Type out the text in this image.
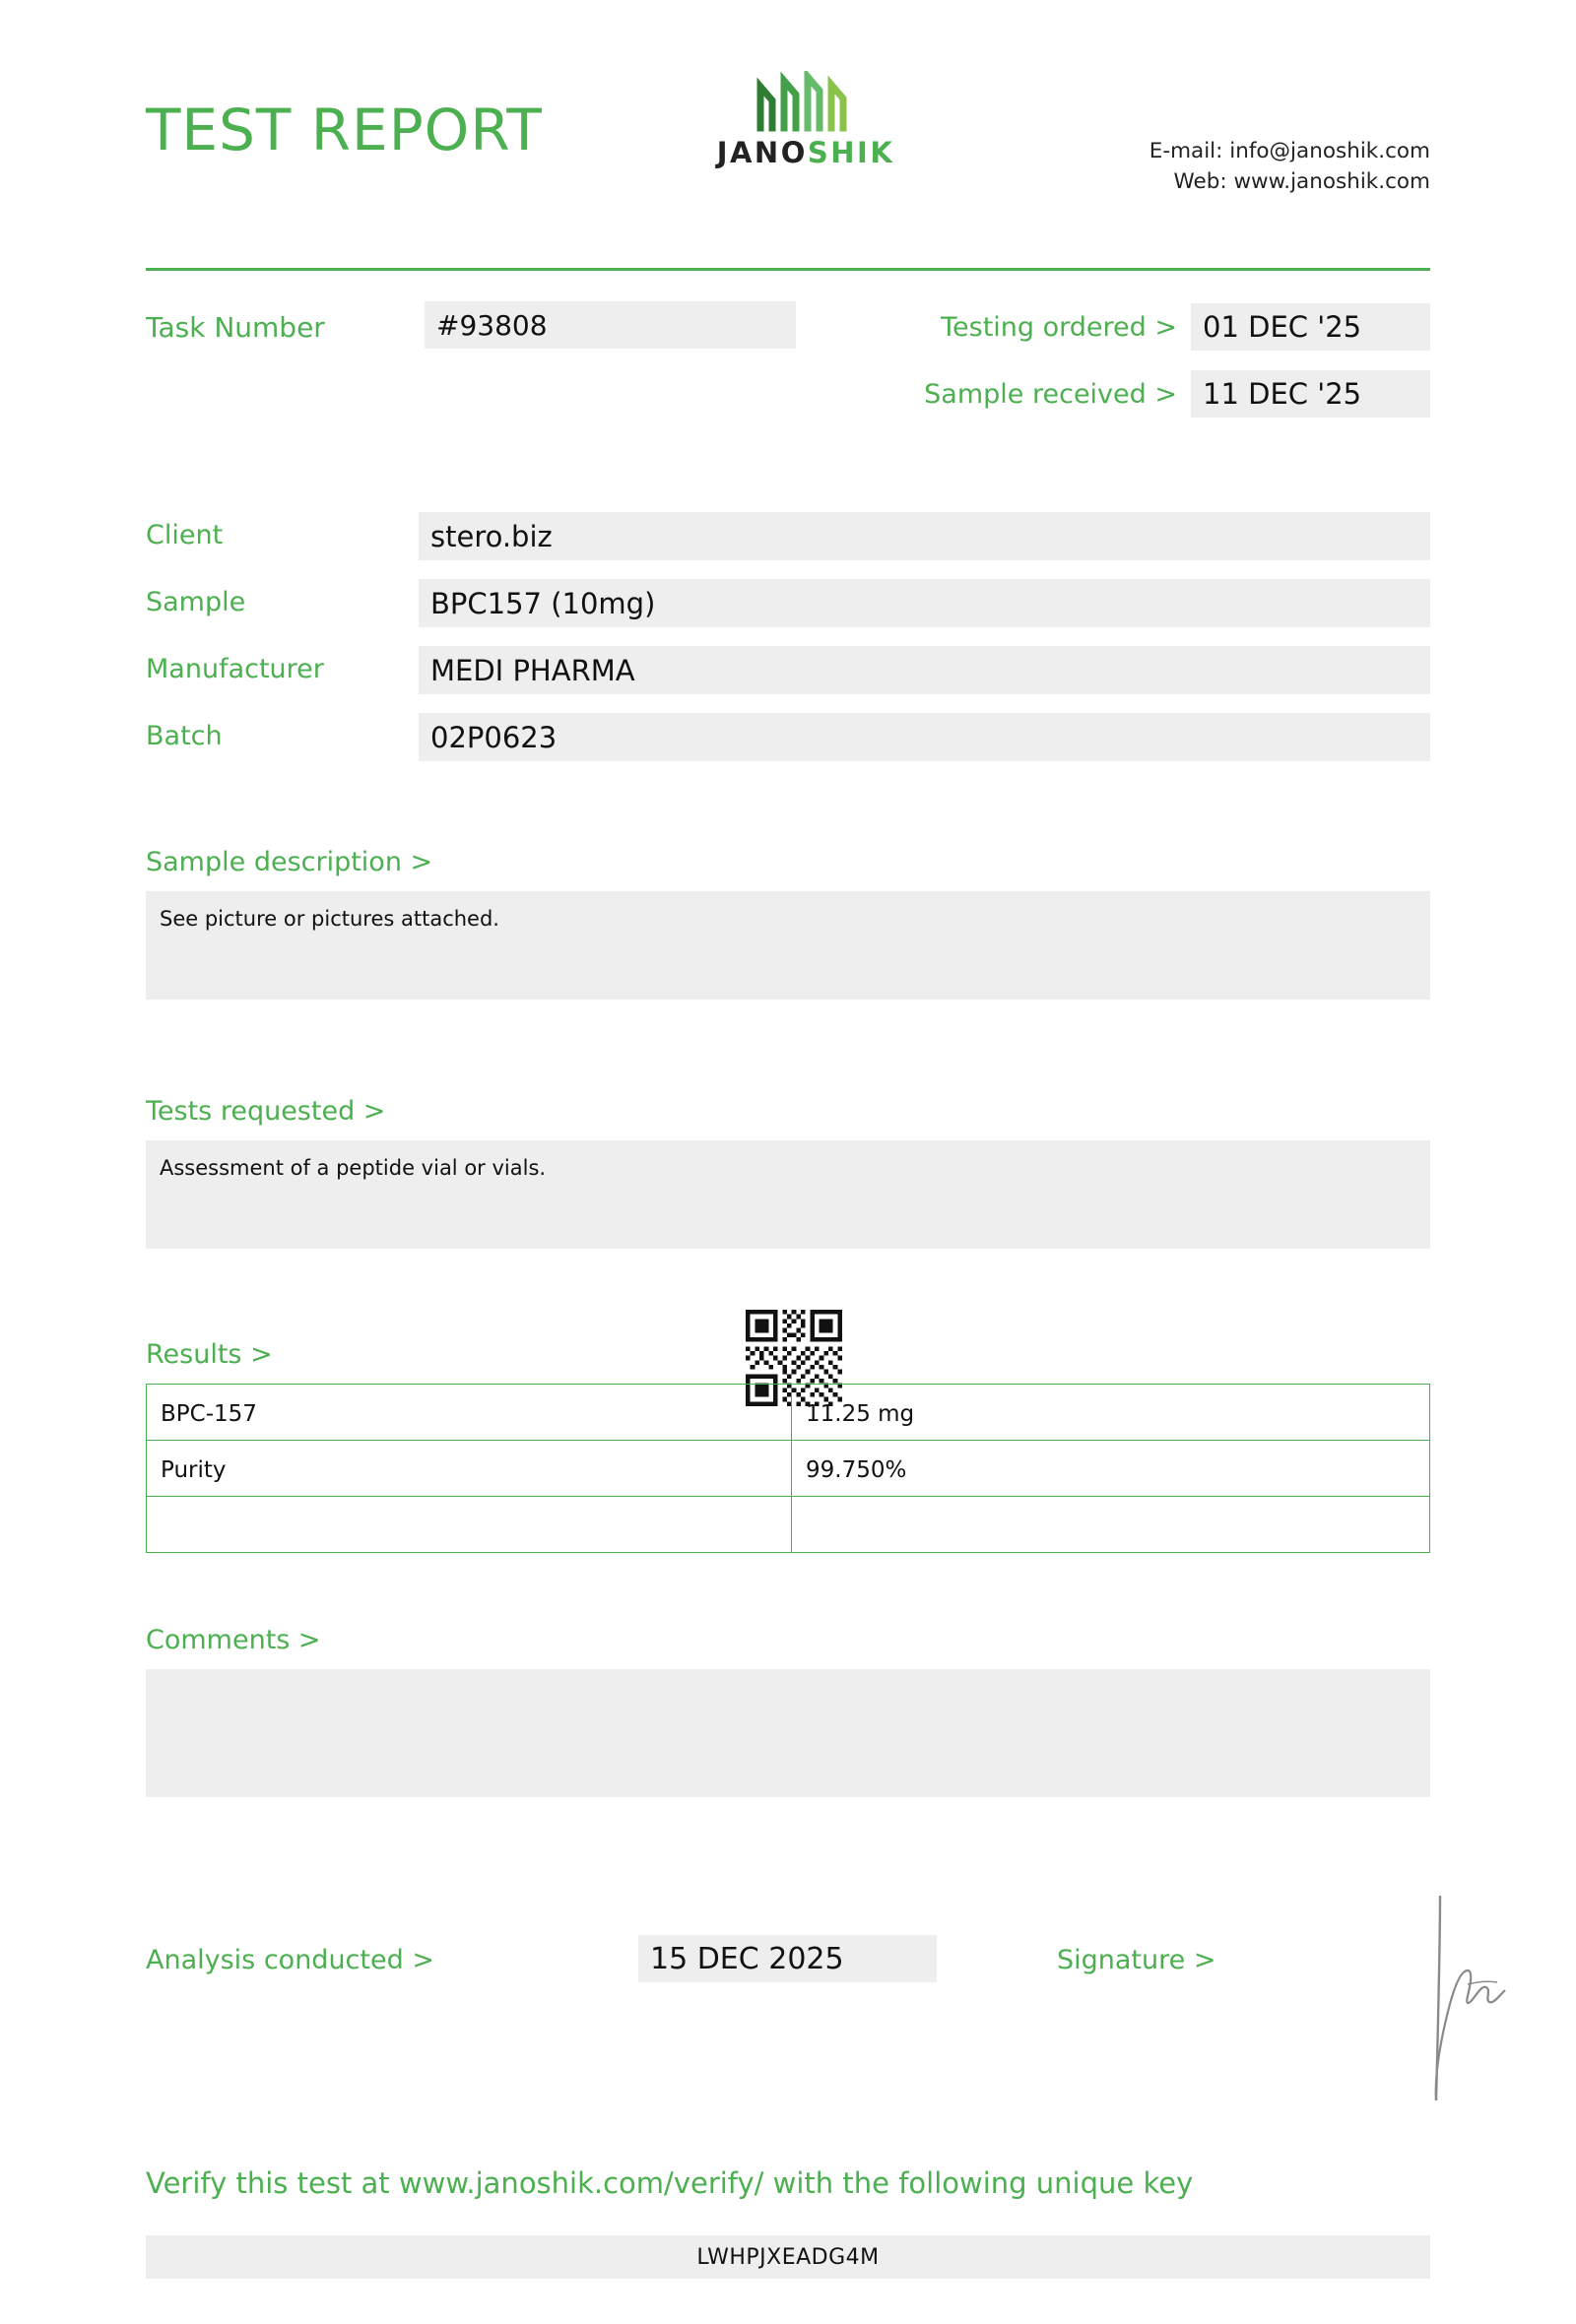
TEST REPORT	JANOSHIK	E-mail: info@janoshik.com
Web: www.janoshik.com
Task Number	#93808	Testing ordered > 01 DEC '25
Sample received > 11 DEC '25
Client	stero.biz
Sample	BPC157 (10mg)
Manufacturer	MEDI PHARMA
Batch	02P0623
Sample description >
See picture or pictures attached.
Tests requested >
Assessment of a peptide vial or vials.
Results >
BPC-157	11.25 mg
Purity	99.750%

Comments >
Analysis conducted >	15 DEC 2025	Signature >
Verify this test at www.janoshik.com/verify/ with the following unique key
LWHPJXEADG4M
